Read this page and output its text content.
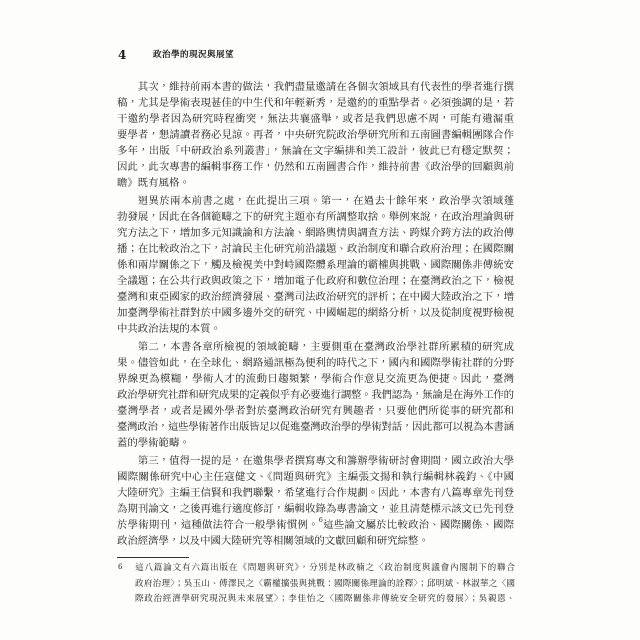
4	政治學的現況與展望
其次，維持前兩本書的做法，我們盡量邀請在各個次領域具有代表性的學者進行撰
稿，尤其是學術表現甚佳的中生代和年輕新秀，是邀約的重點學者。必須強調的是，若
干邀約學者因為研究時程衝突，無法共襄盛舉，或者是我們思慮不周，可能有遺漏重
要學者，懇請讀者務必見諒。再者，中央研究院政治學研究所和五南圖書編輯團隊合作
多年，出版「中研政治系列叢書」，無論在文字編排和美工設計，彼此已有穩定默契；
因此，此次專書的編輯事務工作，仍然和五南圖書合作，維持前書《政治學的回顧與前
瞻》既有風格。
迥異於兩本前書之處，在此提出三項。第一，在過去十餘年來，政治學次領域蓬
勃發展，因此在各個範疇之下的研究主題亦有所調整取捨。舉例來說，在政治理論與研
究方法之下，增加多元知識論和方法論、網路輿情與調查方法、跨媒介跨方法的政治傳
播；在比較政治之下，討論民主化研究前沿議題、政治制度和聯合政府治理；在國際關
係和兩岸關係之下，觸及檢視美中對峙國際體系理論的霸權與挑戰、國際關係非傳統安
全議題；在公共行政與政策之下，增加電子化政府和數位治理；在臺灣政治之下，檢視
臺灣和東亞國家的政治經濟發展、臺灣司法政治研究的評析；在中國大陸政治之下，增
加臺灣學術社群對於中國多邊外交的研究、中國崛起的網絡分析，以及從制度視野檢視
中共政治法規的本質。
第二，本書各章所檢視的領域範疇，主要側重在臺灣政治學社群所累積的研究成
果。儘管如此，在全球化、網路通訊極為便利的時代之下，國內和國際學術社群的分野
界線更為模糊，學術人才的流動日趨頻繁，學術合作意見交流更為便捷。因此，臺灣
政治學研究社群和研究成果的定義似乎有必要進行調整。我們認為，無論是在海外工作的
臺灣學者，或者是國外學者對於臺灣政治研究有興趣者，只要他們所從事的研究都和
臺灣政治，這些學術著作出版皆足以促進臺灣政治學的學術對話，因此都可以視為本書涵
蓋的學術範疇。
第三，值得一提的是，在邀集學者撰寫專文和籌辦學術研討會期間，國立政治大學
國際關係研究中心主任寇健文、《問題與研究》主編張文揚和執行編輯林義鈞、《中國
大陸研究》主編王信賢和我們聯繫，希望進行合作規劃。因此，本書有八篇專章先刊登
為期刊論文，之後再進行適度修訂，編輯收錄為專書論文，並且清楚標示該文已先刊登
於學術期刊，這種做法符合一般學術慣例。$^6$這些論文屬於比較政治、國際關係、國際
政治經濟學，以及中國大陸研究等相關領域的文獻回顧和研究綜整。
6 這八篇論文有六篇出版在《問題與研究》，分別是林政楠之〈政治制度與議會內閣制下的聯合
政府治理〉；吳玉山、傅澤民之〈霸權擴張與挑戰：國際關係理論的詮釋〉；邱明斌、林淑華之〈國
際政治經濟學研究現況與未來展望〉；李佳怡之〈國際關係非傳統安全研究的發展〉；吳親恩、
